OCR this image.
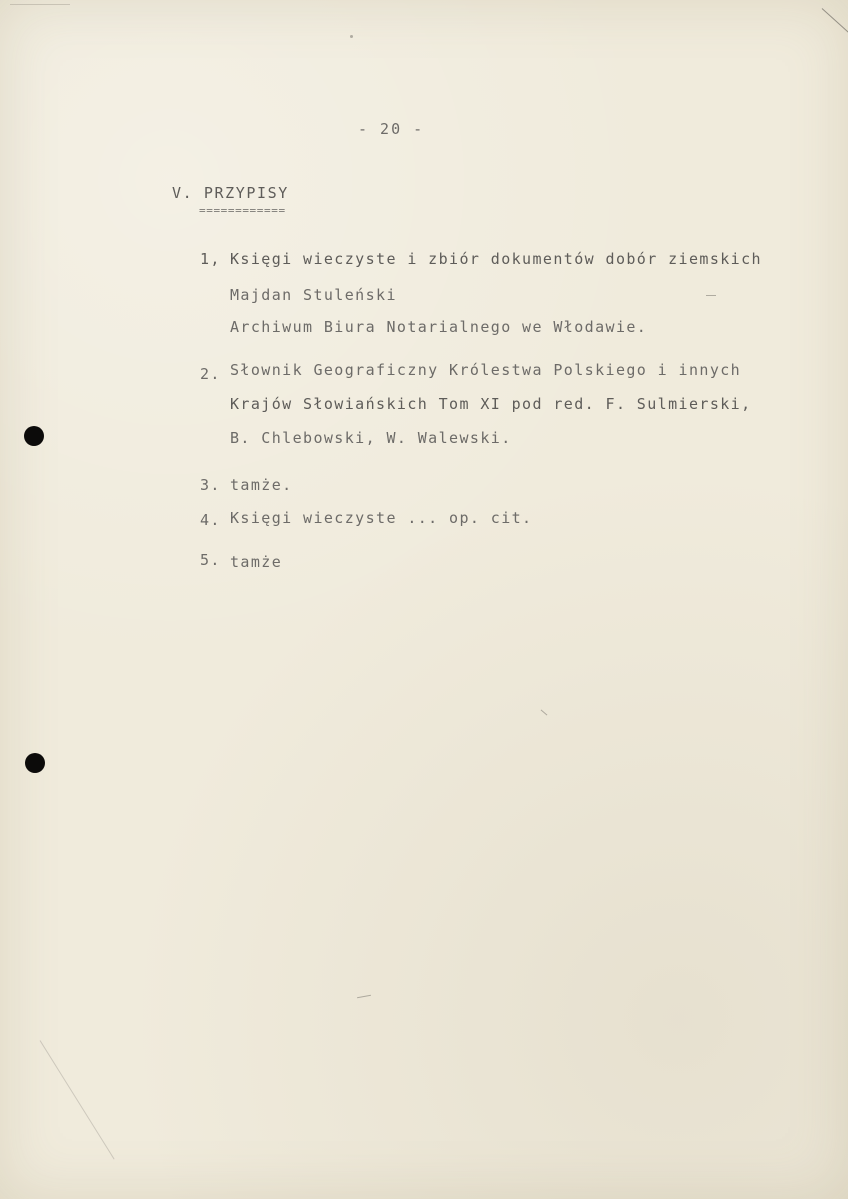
- 20 -

V. PRZYPISY

============

1, Księgi wieczyste i zbiór dokumentów dobór ziemskich

Majdan Stuleński

Archiwum Biura Notarialnego we Włodawie.

2. Słownik Geograficzny Królestwa Polskiego i innych

Krajów Słowiańskich Tom XI pod red. F. Sulmierski,

B. Chlebowski, W. Walewski.

3. tamże.

4. Księgi wieczyste ... op. cit.

5. tamże
